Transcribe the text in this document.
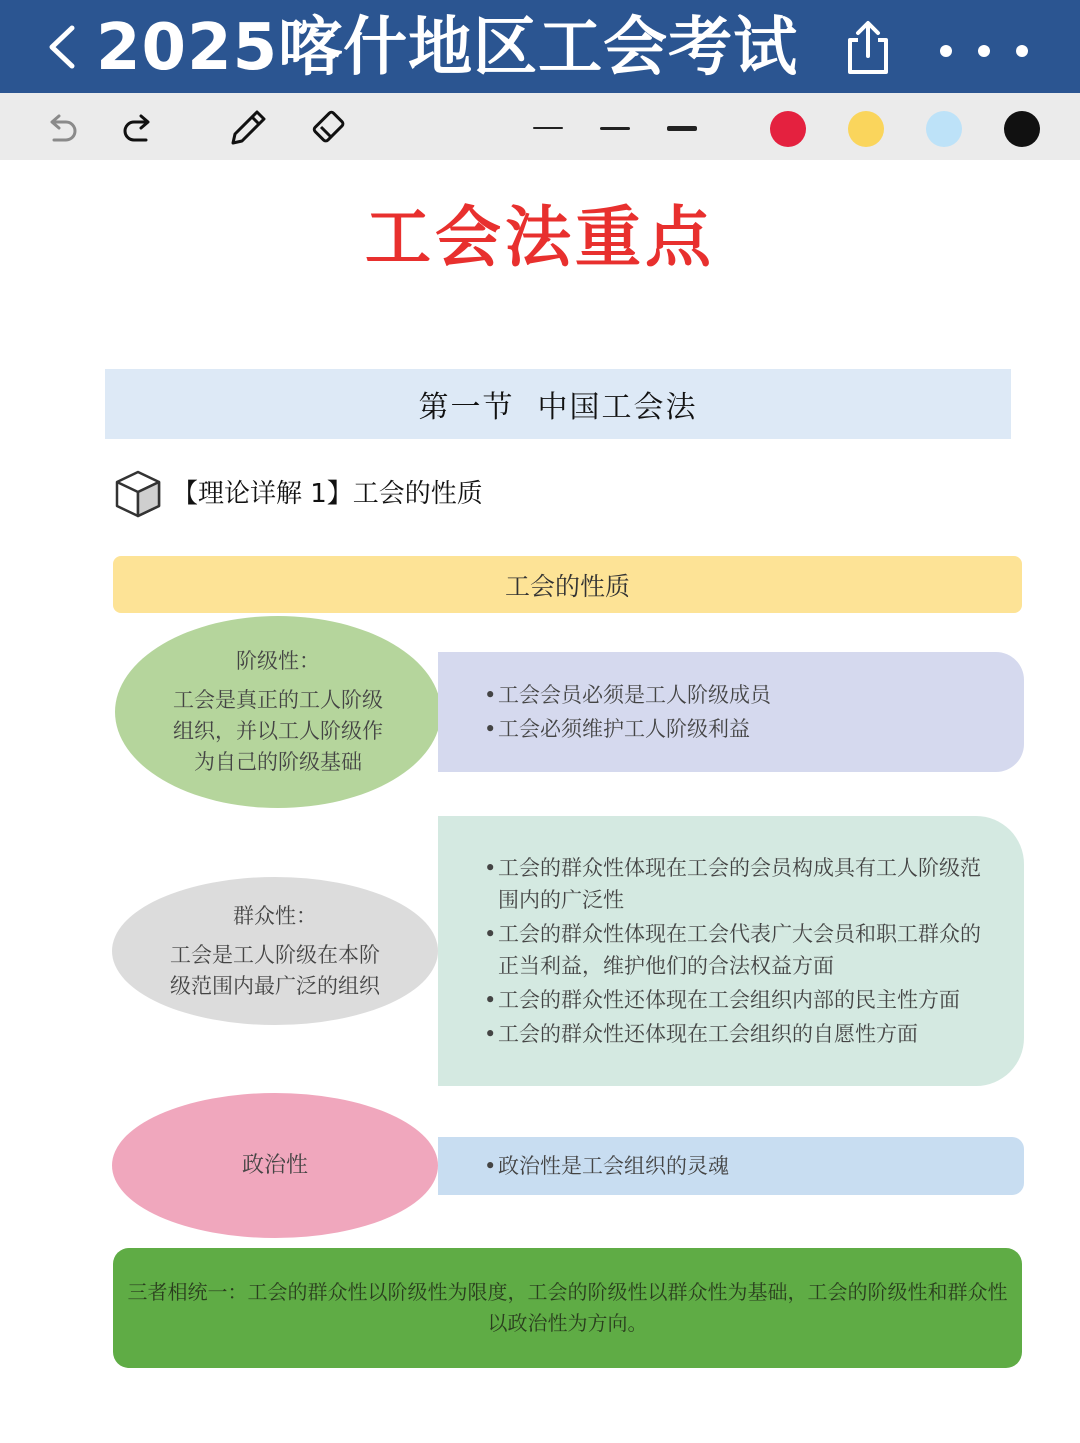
2025喀什地区工会考试
工会法重点
第一节  中国工会法
【理论详解 1】工会的性质
工会的性质
阶级性：
工会是真正的工人阶级组织，并以工人阶级作为自己的阶级基础
• 工会会员必须是工人阶级成员
• 工会必须维护工人阶级利益
• 工会的群众性体现在工会的会员构成具有工人阶级范围内的广泛性
• 工会的群众性体现在工会代表广大会员和职工群众的正当利益，维护他们的合法权益方面
• 工会的群众性还体现在工会组织内部的民主性方面
• 工会的群众性还体现在工会组织的自愿性方面
群众性：
工会是工人阶级在本阶级范围内最广泛的组织
• 政治性是工会组织的灵魂
政治性
三者相统一：工会的群众性以阶级性为限度，工会的阶级性以群众性为基础，工会的阶级性和群众性以政治性为方向。
